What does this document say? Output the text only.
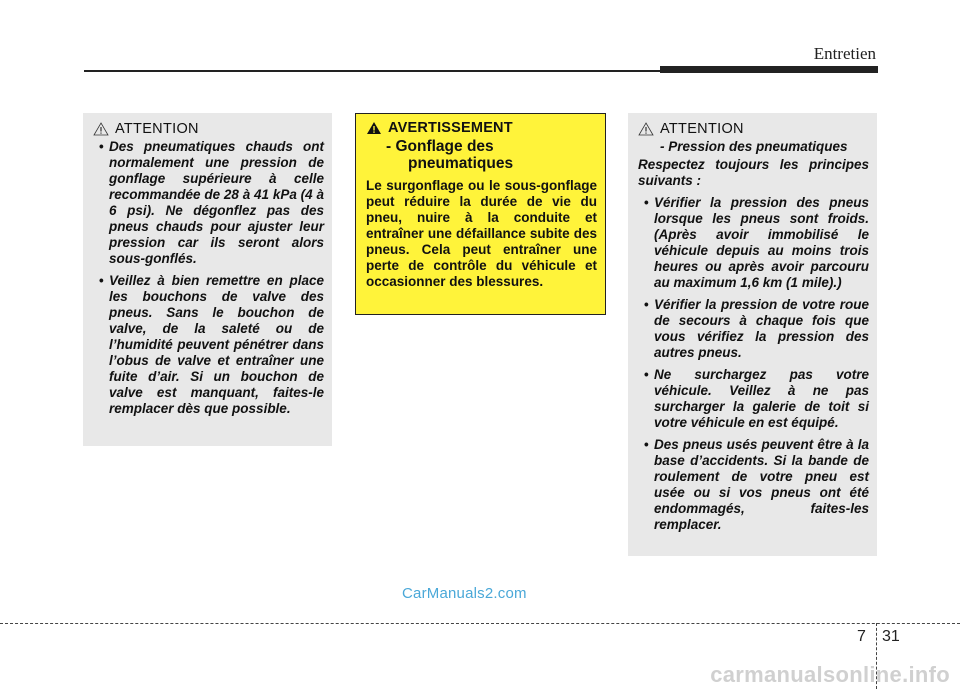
Entretien
ATTENTION
• Des pneumatiques chauds ont normalement une pression de gonflage supérieure à celle recommandée de 28 à 41 kPa (4 à 6 psi). Ne dégonflez pas des pneus chauds pour ajuster leur pression car ils seront alors sous-gonflés.
• Veillez à bien remettre en place les bouchons de valve des pneus. Sans le bouchon de valve, de la saleté ou de l’humidité peuvent pénétrer dans l’obus de valve et entraîner une fuite d’air. Si un bouchon de valve est manquant, faites-le remplacer dès que possible.
AVERTISSEMENT
- Gonflage des
pneumatiques
Le surgonflage ou le sous-gonflage peut réduire la durée de vie du pneu, nuire à la conduite et entraîner une défaillance subite des pneus. Cela peut entraîner une perte de contrôle du véhicule et occasionner des blessures.
ATTENTION
- Pression des pneumatiques
Respectez toujours les principes suivants :
• Vérifier la pression des pneus lorsque les pneus sont froids. (Après avoir immobilisé le véhicule depuis au moins trois heures ou après avoir parcouru au maximum 1,6 km (1 mile).)
• Vérifier la pression de votre roue de secours à chaque fois que vous vérifiez la pression des autres pneus.
• Ne surchargez pas votre véhicule. Veillez à ne pas surcharger la galerie de toit si votre véhicule en est équipé.
• Des pneus usés peuvent être à la base d’accidents. Si la bande de roulement de votre pneu est usée ou si vos pneus ont été endommagés, faites-les remplacer.
CarManuals2.com
7 31
carmanualsonline.info
